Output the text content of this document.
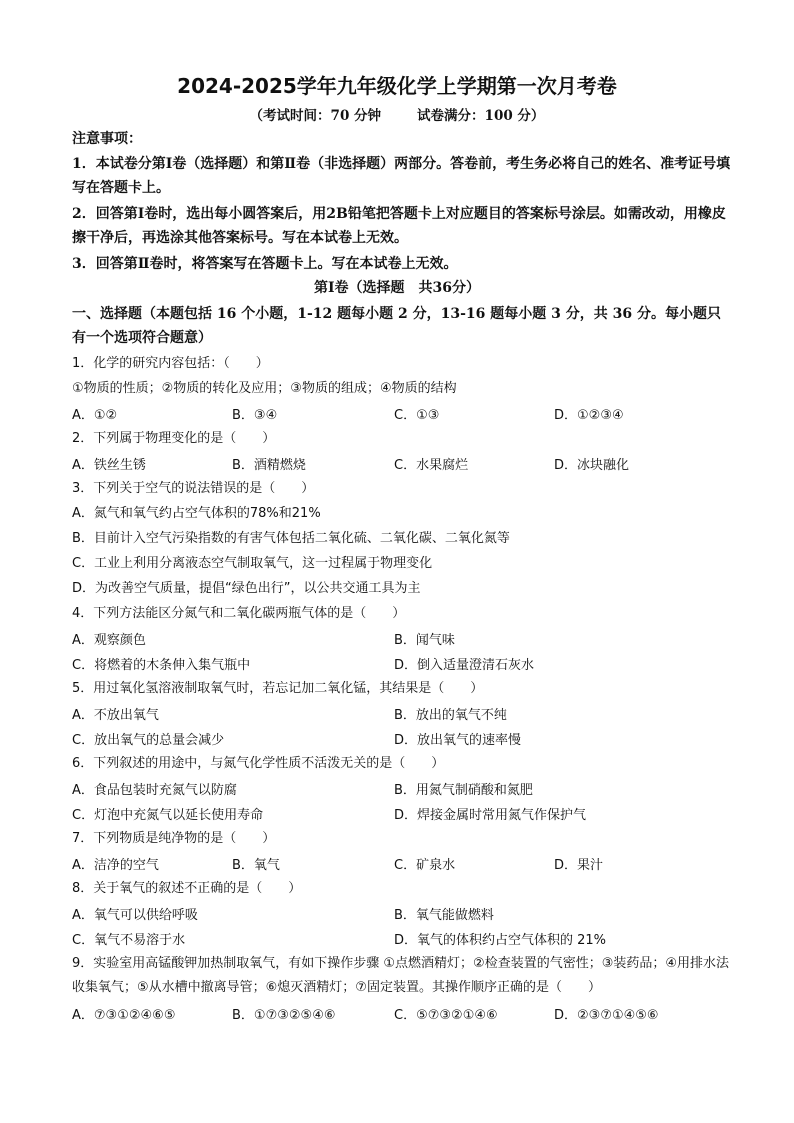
2024-2025学年九年级化学上学期第一次月考卷
（考试时间：70 分钟	试卷满分：100 分）
注意事项：
1．本试卷分第Ⅰ卷（选择题）和第Ⅱ卷（非选择题）两部分。答卷前，考生务必将自己的姓名、准考证号填写在答题卡上。
2．回答第Ⅰ卷时，选出每小圆答案后，用2B铅笔把答题卡上对应题目的答案标号涂层。如需改动，用橡皮擦干净后，再选涂其他答案标号。写在本试卷上无效。
3．回答第Ⅱ卷时，将答案写在答题卡上。写在本试卷上无效。
第Ⅰ卷（选择题　共36分）
一、选择题（本题包括 16 个小题，1-12 题每小题 2 分，13-16 题每小题 3 分，共 36 分。每小题只有一个选项符合题意）
1．化学的研究内容包括：（　　）
①物质的性质；②物质的转化及应用；③物质的组成；④物质的结构
A．①②	B．③④	C．①③	D．①②③④
2．下列属于物理变化的是（　　）
A．铁丝生锈	B．酒精燃烧	C．水果腐烂	D．冰块融化
3．下列关于空气的说法错误的是（　　）
A．氮气和氧气约占空气体积的78%和21%
B．目前计入空气污染指数的有害气体包括二氧化硫、二氧化碳、二氧化氮等
C．工业上利用分离液态空气制取氧气，这一过程属于物理变化
D．为改善空气质量，提倡“绿色出行”，以公共交通工具为主
4．下列方法能区分氮气和二氧化碳两瓶气体的是（　　）
A．观察颜色	B．闻气味
C．将燃着的木条伸入集气瓶中	D．倒入适量澄清石灰水
5．用过氧化氢溶液制取氧气时，若忘记加二氧化锰，其结果是（　　）
A．不放出氧气	B．放出的氧气不纯
C．放出氧气的总量会减少	D．放出氧气的速率慢
6．下列叙述的用途中，与氮气化学性质不活泼无关的是（　　）
A．食品包装时充氮气以防腐	B．用氮气制硝酸和氮肥
C．灯泡中充氮气以延长使用寿命	D．焊接金属时常用氮气作保护气
7．下列物质是纯净物的是（　　）
A．洁净的空气	B．氧气	C．矿泉水	D．果汁
8．关于氧气的叙述不正确的是（　　）
A．氧气可以供给呼吸	B．氧气能做燃料
C．氧气不易溶于水	D．氧气的体积约占空气体积的 21%
9．实验室用高锰酸钾加热制取氧气，有如下操作步骤 ①点燃酒精灯；②检查装置的气密性；③装药品；④用排水法收集氧气；⑤从水槽中撤离导管；⑥熄灭酒精灯；⑦固定装置。其操作顺序正确的是（　　）
A．⑦③①②④⑥⑤	B．①⑦③②⑤④⑥	C．⑤⑦③②①④⑥	D．②③⑦①④⑤⑥
